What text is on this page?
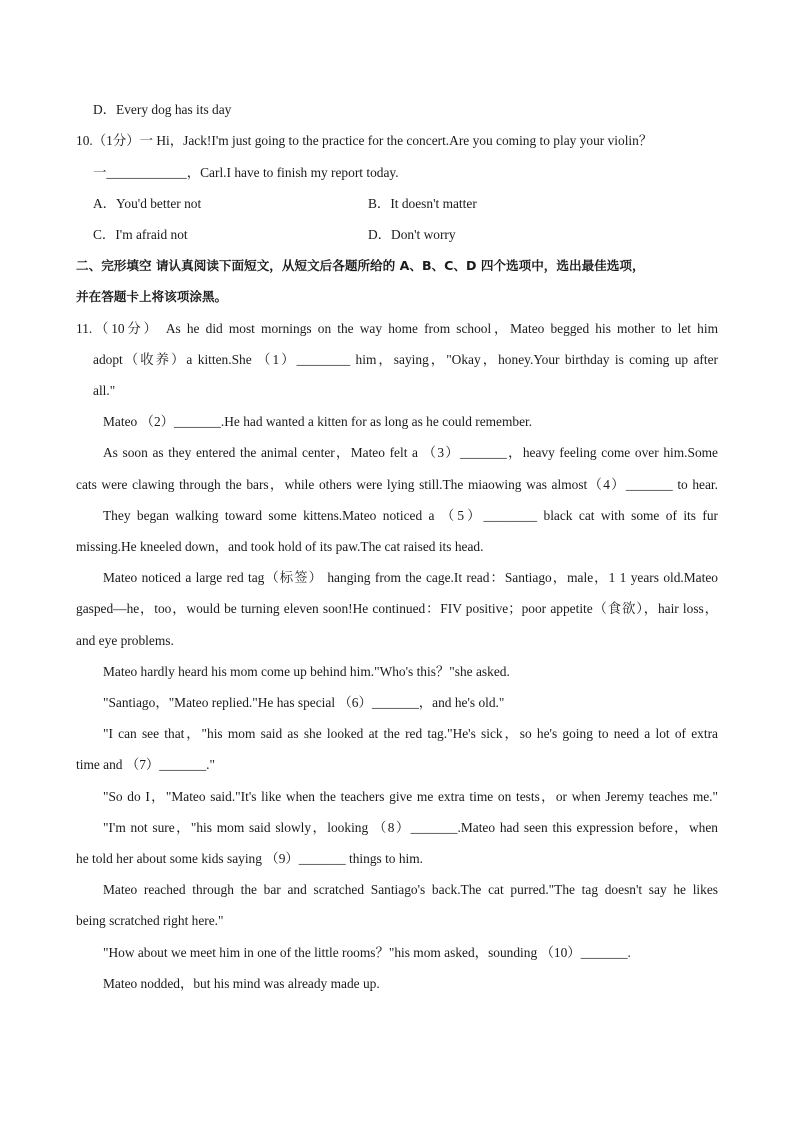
D．Every dog has its day
10.（1分）一 Hi，Jack!I'm just going to the practice for the concert.Are you coming to play your violin？
一____________，Carl.I have to finish my report today.
A．You'd better not	B．It doesn't matter
C．I'm afraid not	D．Don't worry
二、完形填空 请认真阅读下面短文，从短文后各题所给的 A、B、C、D 四个选项中，选出最佳选项，
并在答题卡上将该项涂黑。
11.（10分） As he did most mornings on the way home from school，Mateo begged his mother to let him
adopt（收养）a kitten.She （1）________ him，saying，"Okay，honey.Your birthday is coming up after
all."
Mateo （2）_______.He had wanted a kitten for as long as he could remember.
As soon as they entered the animal center，Mateo felt a （3）_______，heavy feeling come over him.Some
cats were clawing through the bars，while others were lying still.The miaowing was almost（4）_______ to hear.
They began walking toward some kittens.Mateo noticed a （5）________ black cat with some of its fur
missing.He kneeled down，and took hold of its paw.The cat raised its head.
Mateo noticed a large red tag（标签） hanging from the cage.It read：Santiago，male，1 1 years old.Mateo
gasped—he，too，would be turning eleven soon!He continued：FIV positive；poor appetite（食欲），hair loss，
and eye problems.
Mateo hardly heard his mom come up behind him."Who's this？"she asked.
"Santiago，"Mateo replied."He has special （6）_______，and he's old."
"I can see that，"his mom said as she looked at the red tag."He's sick，so he's going to need a lot of extra
time and （7）_______."
"So do I，"Mateo said."It's like when the teachers give me extra time on tests，or when Jeremy teaches me."
"I'm not sure，"his mom said slowly，looking （8）_______.Mateo had seen this expression before，when
he told her about some kids saying （9）_______ things to him.
Mateo reached through the bar and scratched Santiago's back.The cat purred."The tag doesn't say he likes
being scratched right here."
"How about we meet him in one of the little rooms？"his mom asked，sounding （10）_______.
Mateo nodded，but his mind was already made up.
